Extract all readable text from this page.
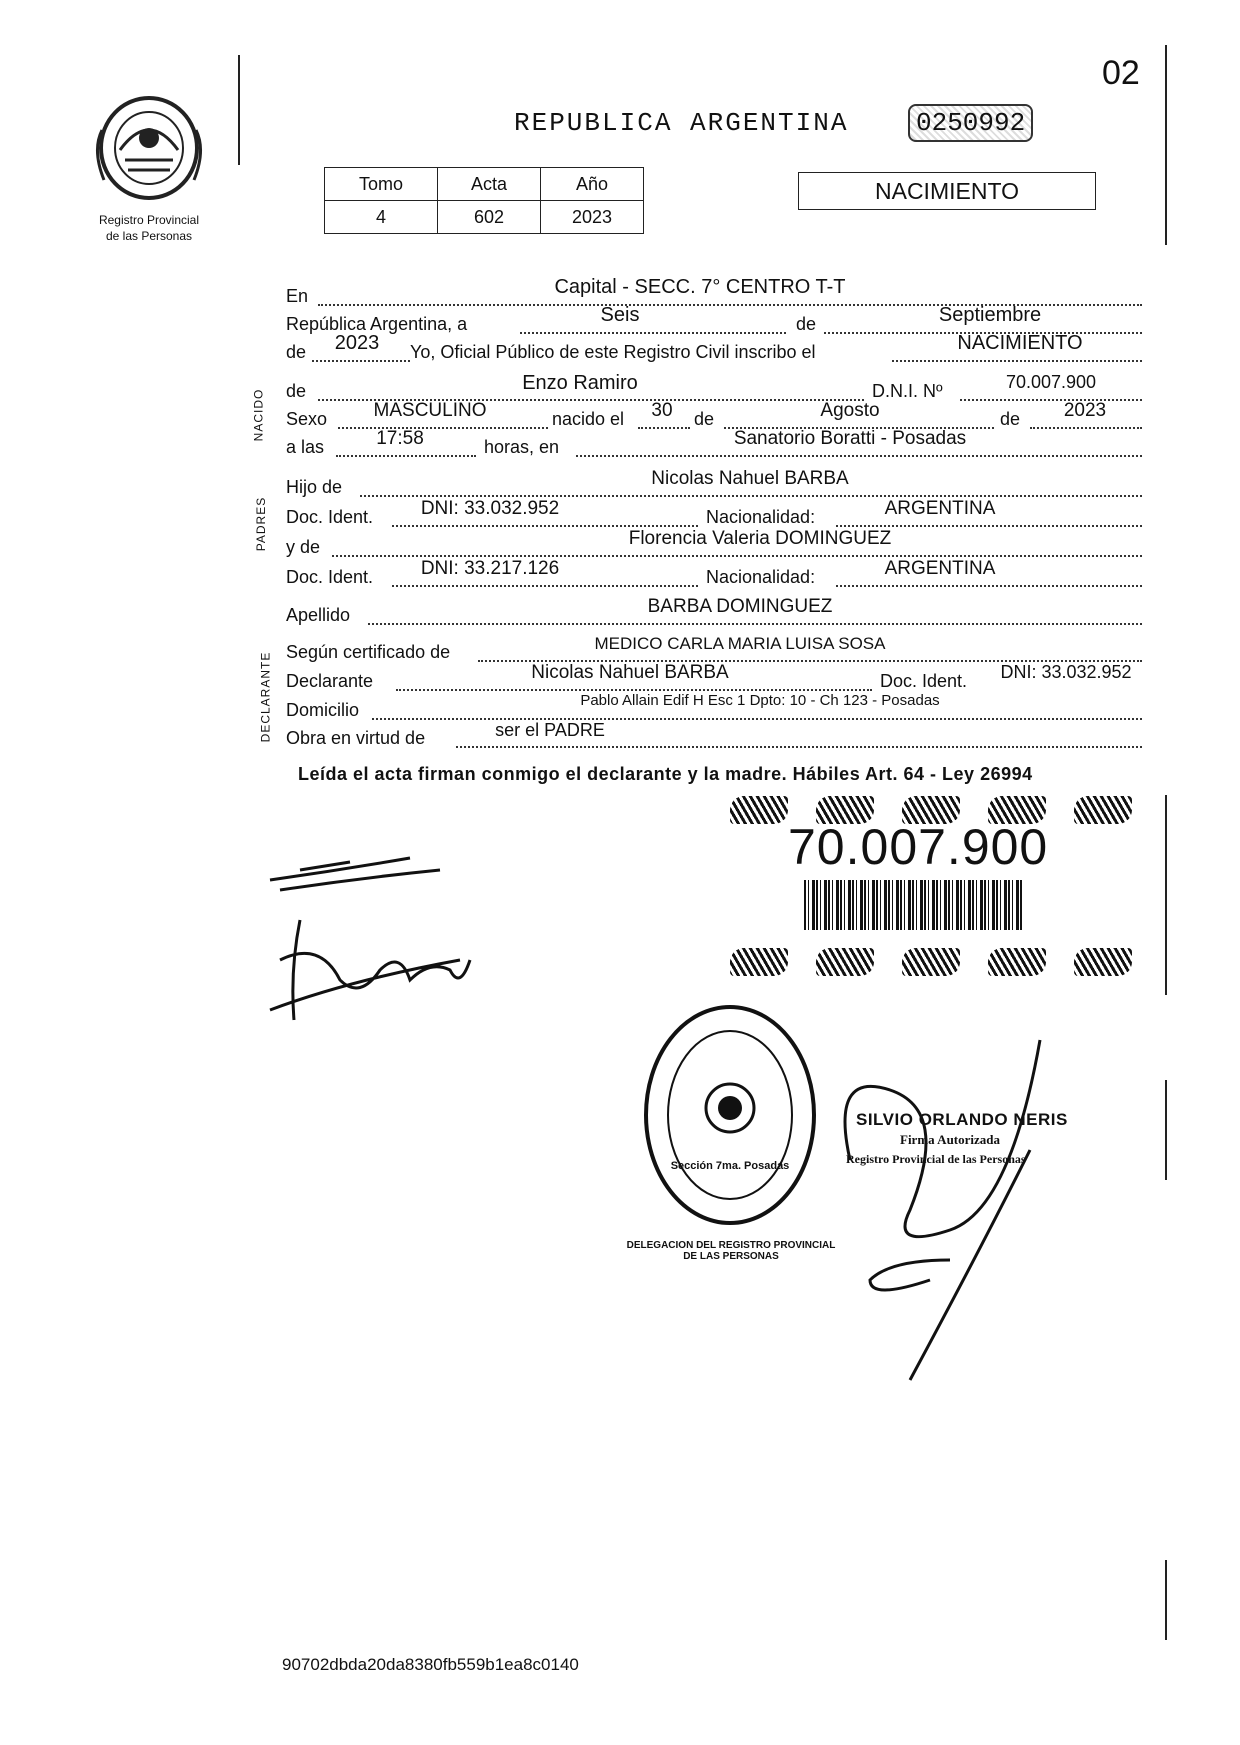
02
Registro Provincial
de las Personas
REPUBLICA ARGENTINA	0250992
Tomo	Acta	Año
4	602	2023
NACIMIENTO
NACIDO
PADRES
DECLARANTE
En	Capital - SECC. 7° CENTRO T-T
República Argentina, a	Seis	de	Septiembre
de	2023	Yo, Oficial Público de este Registro Civil inscribo el	NACIMIENTO
de	Enzo Ramiro	D.N.I. Nº	70.007.900
Sexo	MASCULINO	nacido el	30	de	Agosto	de	2023
a las	17:58	horas, en	Sanatorio Boratti - Posadas
Hijo de	Nicolas Nahuel BARBA
Doc. Ident.	DNI: 33.032.952	Nacionalidad:	ARGENTINA
y de	Florencia Valeria DOMINGUEZ
Doc. Ident.	DNI: 33.217.126	Nacionalidad:	ARGENTINA
Apellido	BARBA DOMINGUEZ
Según certificado de	MEDICO CARLA MARIA LUISA SOSA
Declarante	Nicolas Nahuel BARBA	Doc. Ident.	DNI: 33.032.952
Domicilio	Pablo Allain Edif H Esc 1 Dpto: 10 - Ch 123 - Posadas
Obra en virtud de	ser el PADRE
Leída el acta firman conmigo el declarante y la madre. Hábiles Art. 64 - Ley 26994
70.007.900
DELEGACION DEL REGISTRO PROVINCIAL DE LAS PERSONAS
Sección 7ma. Posadas
SILVIO ORLANDO NERIS
Firma Autorizada
Registro Provincial de las Personas
90702dbda20da8380fb559b1ea8c0140
